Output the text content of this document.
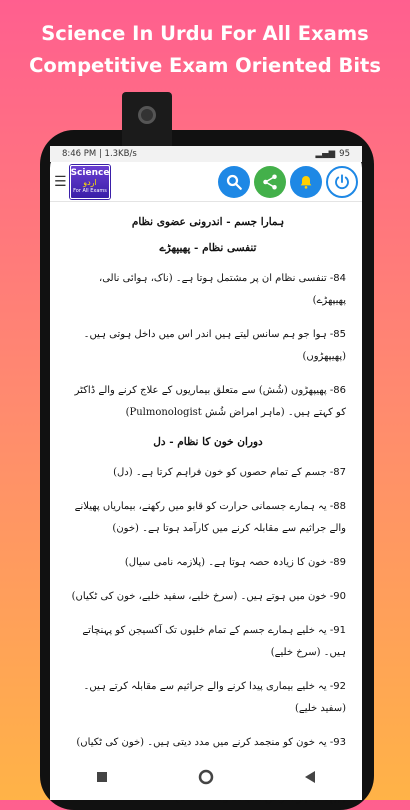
Science In Urdu For All Exams
Competitive Exam Oriented Bits
8:46 PM | 1.3KB/s	▂▄▆ 95
☰
Science
اردو
For All Exams
ہمارا جسم - اندرونی عضوی نظام
تنفسی نظام - پھیپھڑے
84- تنفسی نظام ان پر مشتمل ہوتا ہے۔ (ناک، ہوائی نالی، پھیپھڑے)
85- ہوا جو ہم سانس لیتے ہیں اندر اس میں داخل ہوتی ہیں۔ (پھیپھڑوں)
86- پھیپھڑوں (شُش) سے متعلق بیماریوں کے علاج کرنے والے ڈاکٹر کو کہتے ہیں۔ (ماہر امراض شُش Pulmonologist)
دوران خون کا نظام - دل
87- جسم کے تمام حصوں کو خون فراہم کرتا ہے۔ (دل)
88- یہ ہمارے جسمانی حرارت کو قابو میں رکھنے، بیماریاں پھیلانے والے جراثیم سے مقابلہ کرنے میں کارآمد ہوتا ہے۔ (خون)
89- خون کا زیادہ حصہ ہوتا ہے۔ (پلازمہ نامی سیال)
90- خون میں ہوتے ہیں۔ (سرخ خلیے، سفید خلیے، خون کی ٹکیاں)
91- یہ خلیے ہمارے جسم کے تمام خلیوں تک آکسیجن کو پہنچاتے ہیں۔ (سرخ خلیے)
92- یہ خلیے بیماری پیدا کرنے والے جراثیم سے مقابلہ کرتے ہیں۔ (سفید خلیے)
93- یہ خون کو منجمد کرنے میں مدد دیتی ہیں۔ (خون کی ٹکیاں)
